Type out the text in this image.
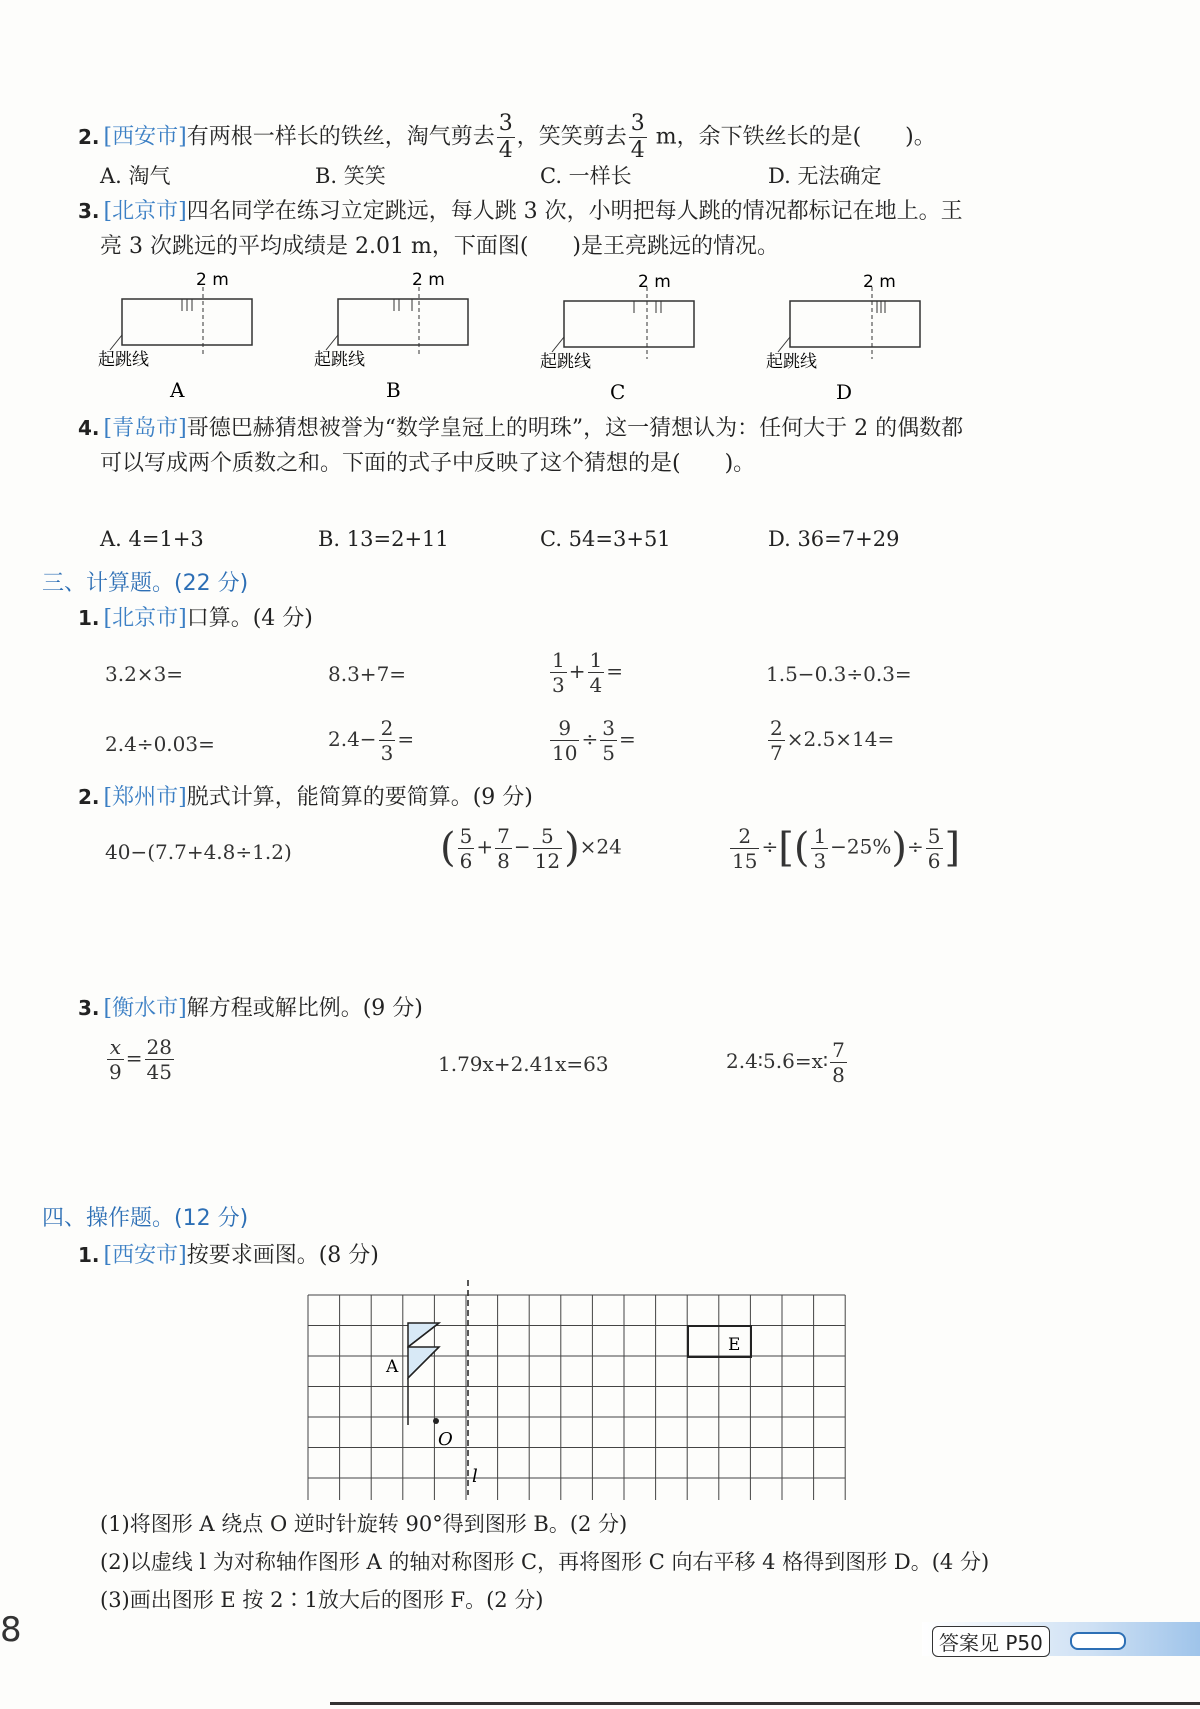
2. [西安市]有两根一样长的铁丝，淘气剪去 $\frac{3}{4}$ ，笑笑剪去 $\frac{3}{4}$ m，余下铁丝长的是(　　)。
A. 淘气	B. 笑笑	C. 一样长	D. 无法确定
3. [北京市]四名同学在练习立定跳远，每人跳 3 次，小明把每人跳的情况都标记在地上。王
亮 3 次跳远的平均成绩是 2.01 m，下面图(　　)是王亮跳远的情况。
2 m
起跳线
A
2 m
起跳线
B
2 m
起跳线
C
2 m
起跳线
D
4. [青岛市]哥德巴赫猜想被誉为“数学皇冠上的明珠”，这一猜想认为：任何大于 2 的偶数都
可以写成两个质数之和。下面的式子中反映了这个猜想的是(　　)。
A. 4=1+3	B. 13=2+11	C. 54=3+51	D. 36=7+29
三、计算题。(22 分)
1. [北京市]口算。(4 分)
3.2×3=	8.3+7=	$\frac{1}{3} + \frac{1}{4}$ =	1.5−0.3÷0.3=
2.4÷0.03=	$2.4- \frac{2}{3}$ =	$\frac{9}{10} \div \frac{3}{5}$ =	$\frac{2}{7} \times 2.5\times 14=$
2. [郑州市]脱式计算，能简算的要简算。(9 分)
40−(7.7+4.8÷1.2)	( $\frac{5}{6} + \frac{7}{8} - \frac{5}{12} )\times 24$	$\frac{2}{15}$ ÷[( $\frac{1}{3} -25\%)\div \frac{5}{6}$ ]
3. [衡水市]解方程或解比例。(9 分)
$\frac{x}{9} = \frac{28}{45}$	1.79x+2.41x=63	2.4∶5.6=x∶ $\frac{7}{8}$
四、操作题。(12 分)
1. [西安市]按要求画图。(8 分)
A
O
E
l
(1)将图形 A 绕点 O 逆时针旋转 90°得到图形 B。(2 分)
(2)以虚线 l 为对称轴作图形 A 的轴对称图形 C，再将图形 C 向右平移 4 格得到图形 D。(4 分)
(3)画出图形 E 按 2∶1放大后的图形 F。(2 分)
8	答案见 P50
